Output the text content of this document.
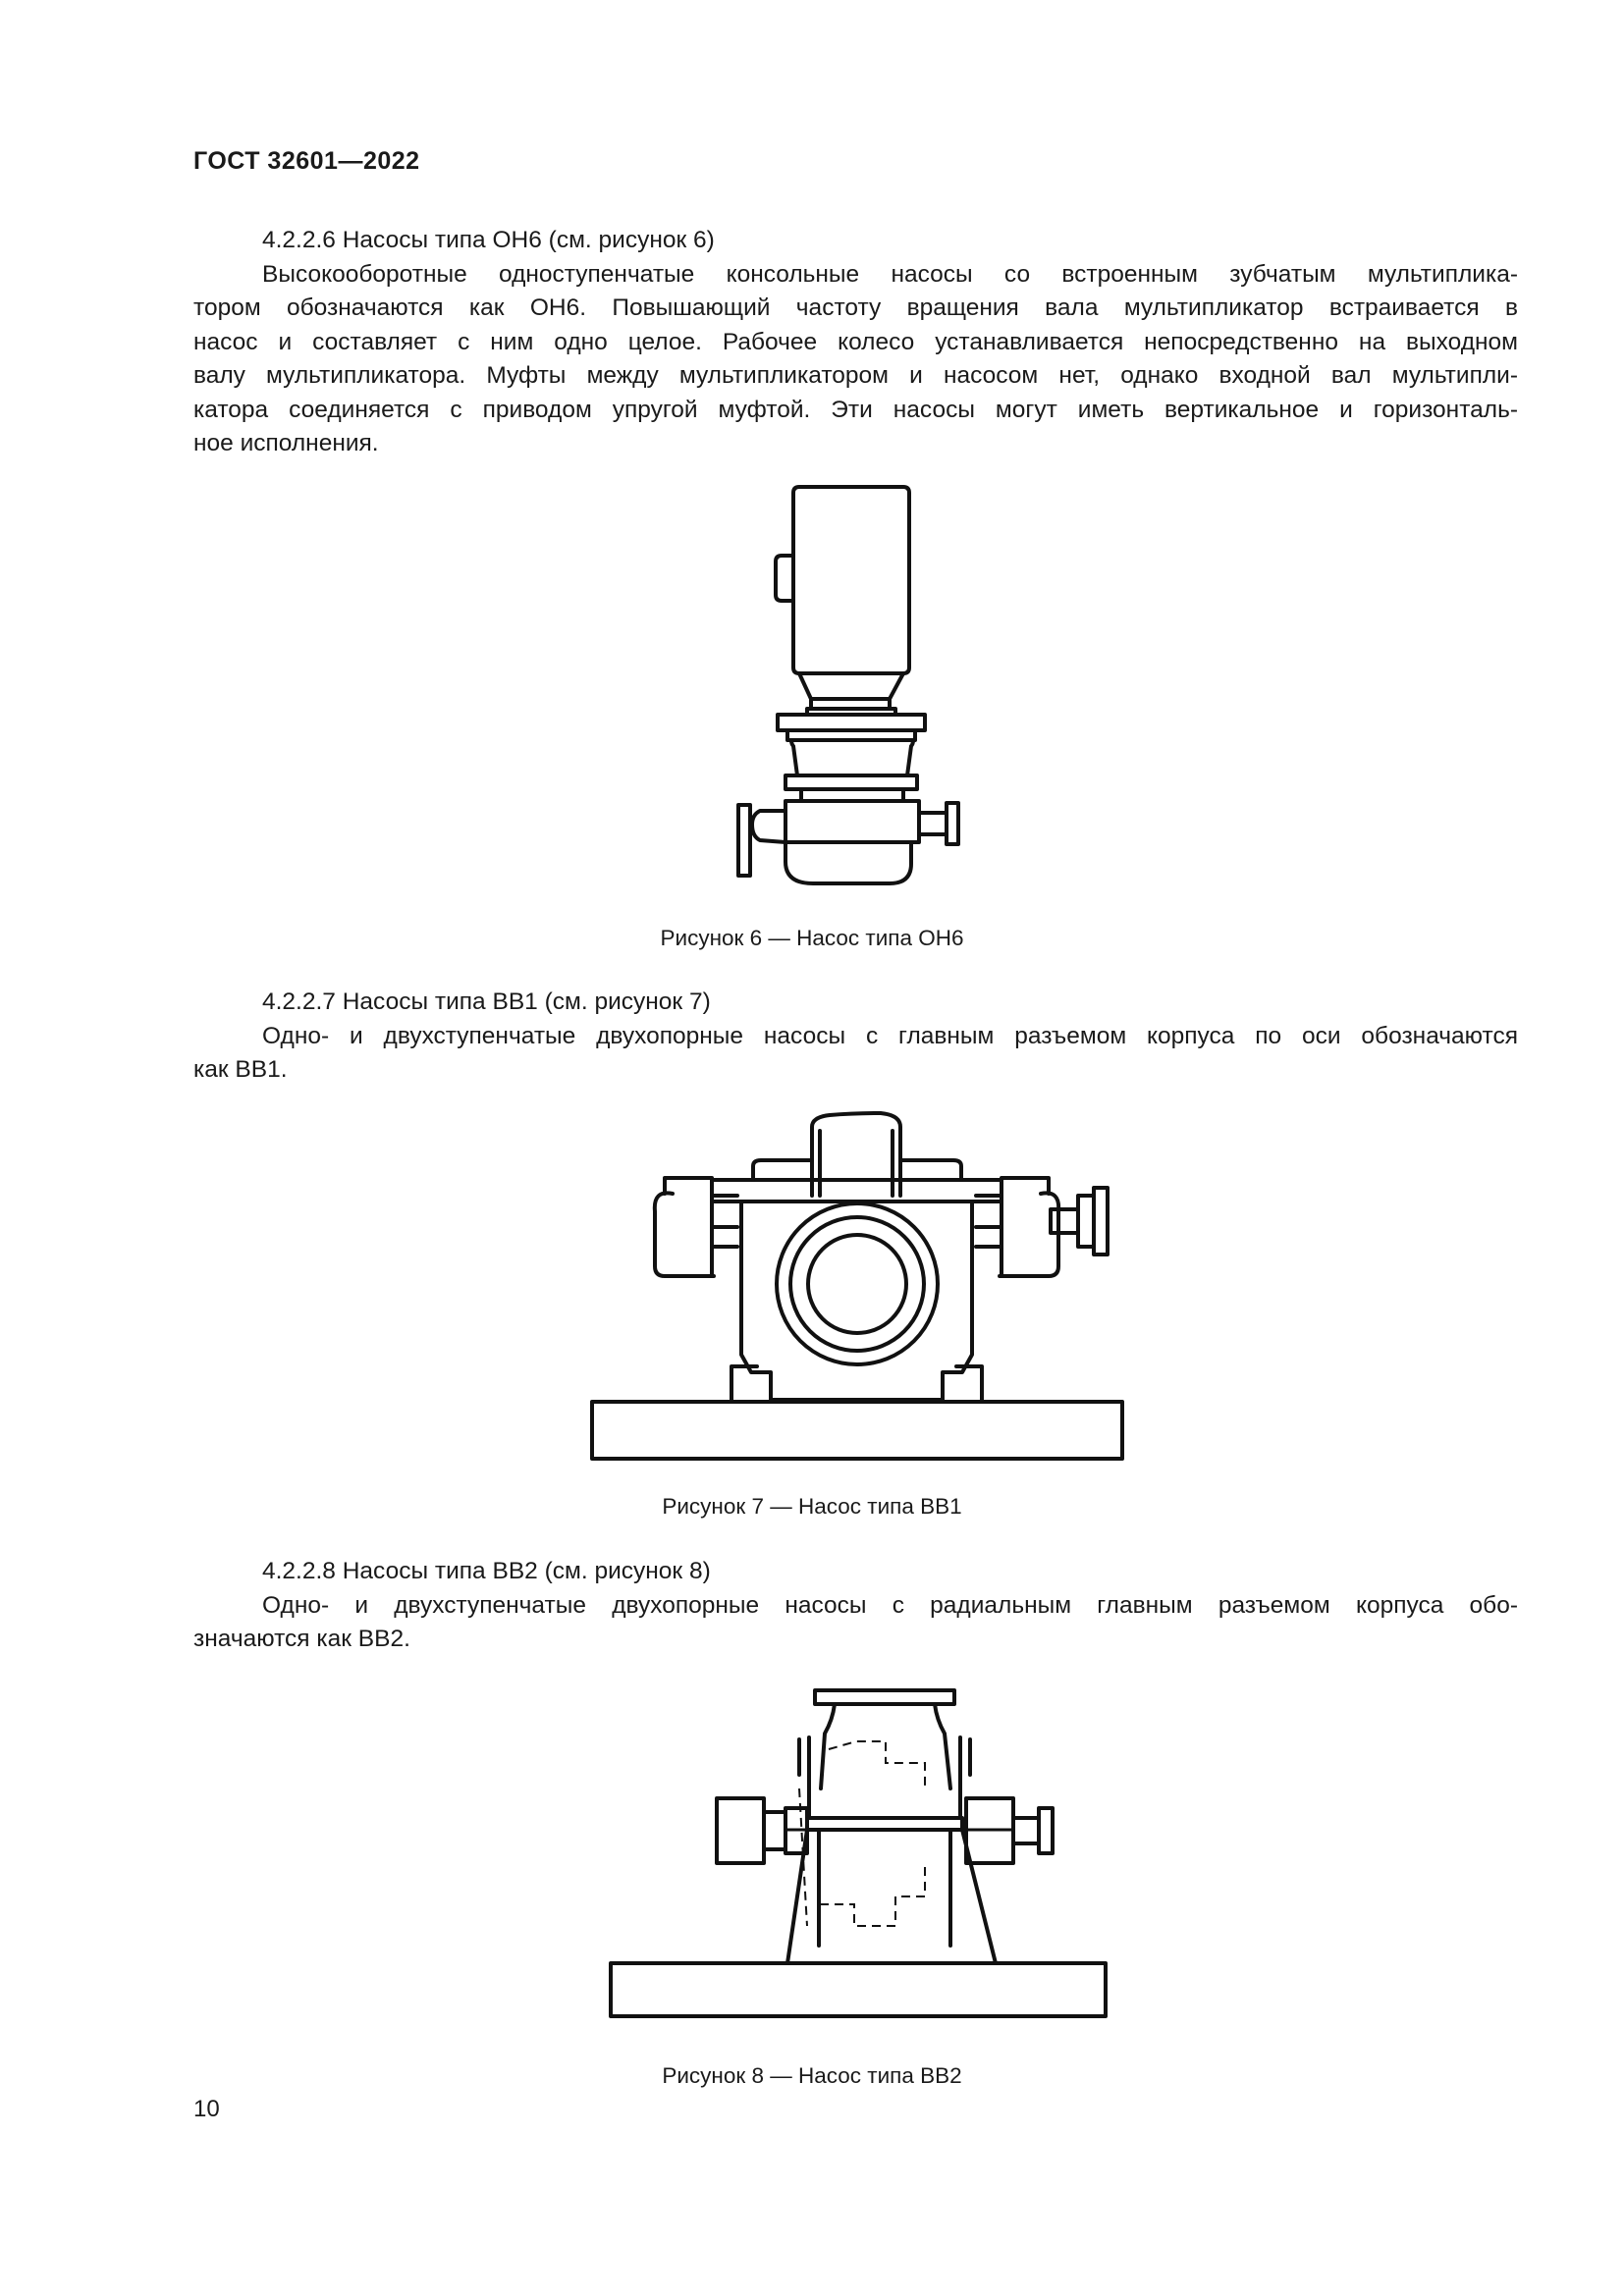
ГОСТ 32601—2022

4.2.2.6 Насосы типа ОН6 (см. рисунок 6)

Высокооборотные одноступенчатые консольные насосы со встроенным зубчатым мультиплика-
тором обозначаются как ОН6. Повышающий частоту вращения вала мультипликатор встраивается в
насос и составляет с ним одно целое. Рабочее колесо устанавливается непосредственно на выходном
валу мультипликатора. Муфты между мультипликатором и насосом нет, однако входной вал мультипли-
катора соединяется с приводом упругой муфтой. Эти насосы могут иметь вертикальное и горизонталь-
ное исполнения.
Рисунок 6 — Насос типа ОН6

4.2.2.7 Насосы типа ВВ1 (см. рисунок 7)

Одно- и двухступенчатые двухопорные насосы с главным разъемом корпуса по оси обозначаются
как ВВ1.
Рисунок 7 — Насос типа ВВ1

4.2.2.8 Насосы типа ВВ2 (см. рисунок 8)

Одно- и двухступенчатые двухопорные насосы с радиальным главным разъемом корпуса обо-
значаются как ВВ2.
Рисунок 8 — Насос типа ВВ2
10
